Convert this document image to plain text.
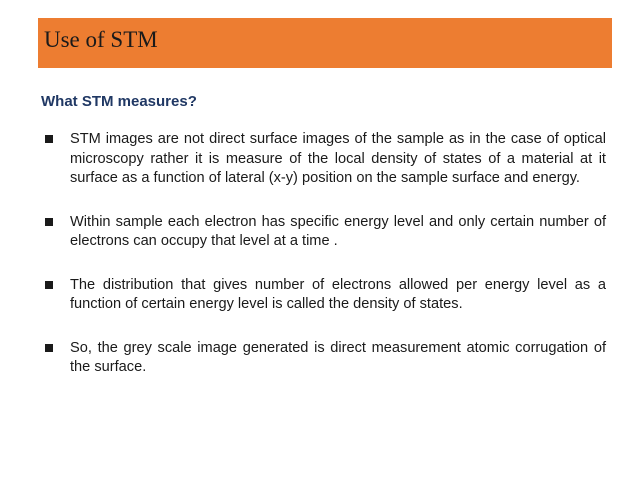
Use of STM
What STM measures?
STM images are not direct surface images of the sample as in the case of optical microscopy rather it is measure of the local density of states of a material at it surface as a function of lateral (x-y) position on the sample surface and energy.
Within sample each electron has specific energy level and only certain number of electrons can occupy that level at a time .
The distribution that gives number of electrons allowed per energy level as a function of certain energy level is called the density of states.
So, the grey scale image generated is direct measurement atomic corrugation of the surface.
